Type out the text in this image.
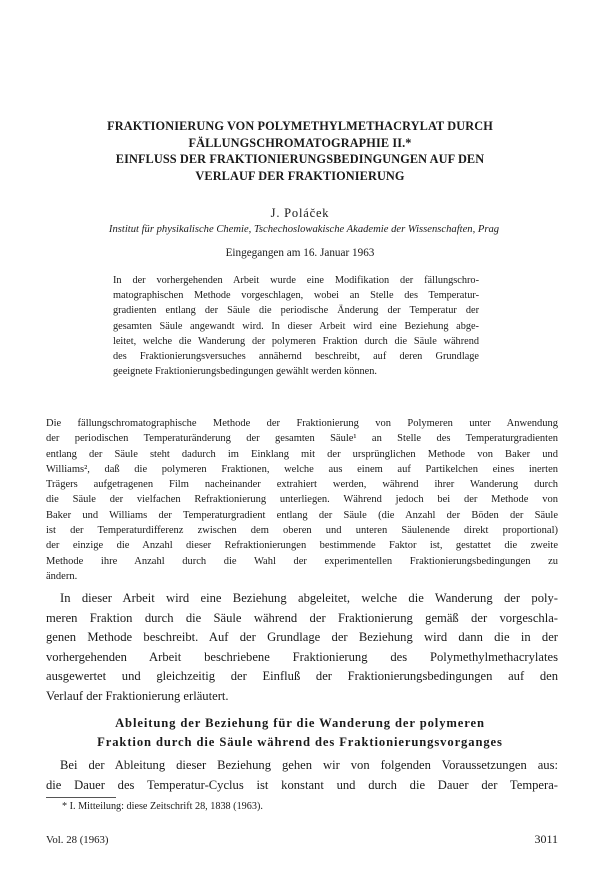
FRAKTIONIERUNG VON POLYMETHYLMETHACRYLAT DURCH
FÄLLUNGSCHROMATOGRAPHIE II.*
EINFLUSS DER FRAKTIONIERUNGSBEDINGUNGEN AUF DEN
VERLAUF DER FRAKTIONIERUNG
J. Poláček
Institut für physikalische Chemie, Tschechoslowakische Akademie der Wissenschaften, Prag
Eingegangen am 16. Januar 1963

In der vorhergehenden Arbeit wurde eine Modifikation der fällungschro-
matographischen Methode vorgeschlagen, wobei an Stelle des Temperatur-
gradienten entlang der Säule die periodische Änderung der Temperatur der
gesamten Säule angewandt wird. In dieser Arbeit wird eine Beziehung abge-
leitet, welche die Wanderung der polymeren Fraktion durch die Säule während
des Fraktionierungsversuches annähernd beschreibt, auf deren Grundlage
geeignete Fraktionierungsbedingungen gewählt werden können.

Die fällungschromatographische Methode der Fraktionierung von Polymeren unter Anwendung
der periodischen Temperaturänderung der gesamten Säule¹ an Stelle des Temperaturgradienten
entlang der Säule steht dadurch im Einklang mit der ursprünglichen Methode von Baker und
Williams², daß die polymeren Fraktionen, welche aus einem auf Partikelchen eines inerten
Trägers aufgetragenen Film nacheinander extrahiert werden, während ihrer Wanderung durch
die Säule der vielfachen Refraktionierung unterliegen. Während jedoch bei der Methode von
Baker und Williams der Temperaturgradient entlang der Säule (die Anzahl der Böden der Säule
ist der Temperaturdifferenz zwischen dem oberen und unteren Säulenende direkt proportional)
der einzige die Anzahl dieser Refraktionierungen bestimmende Faktor ist, gestattet die zweite
Methode ihre Anzahl durch die Wahl der experimentellen Fraktionierungsbedingungen zu
ändern.

In dieser Arbeit wird eine Beziehung abgeleitet, welche die Wanderung der poly-
meren Fraktion durch die Säule während der Fraktionierung gemäß der vorgeschla-
genen Methode beschreibt. Auf der Grundlage der Beziehung wird dann die in der
vorhergehenden Arbeit beschriebene Fraktionierung des Polymethylmethacrylates
ausgewertet und gleichzeitig der Einfluß der Fraktionierungsbedingungen auf den
Verlauf der Fraktionierung erläutert.

Ableitung der Beziehung für die Wanderung der polymeren
Fraktion durch die Säule während des Fraktionierungsvorganges

Bei der Ableitung dieser Beziehung gehen wir von folgenden Voraussetzungen aus:
die Dauer des Temperatur-Cyclus ist konstant und durch die Dauer der Tempera-

* I. Mitteilung: diese Zeitschrift 28, 1838 (1963).
Vol. 28 (1963)	3011
